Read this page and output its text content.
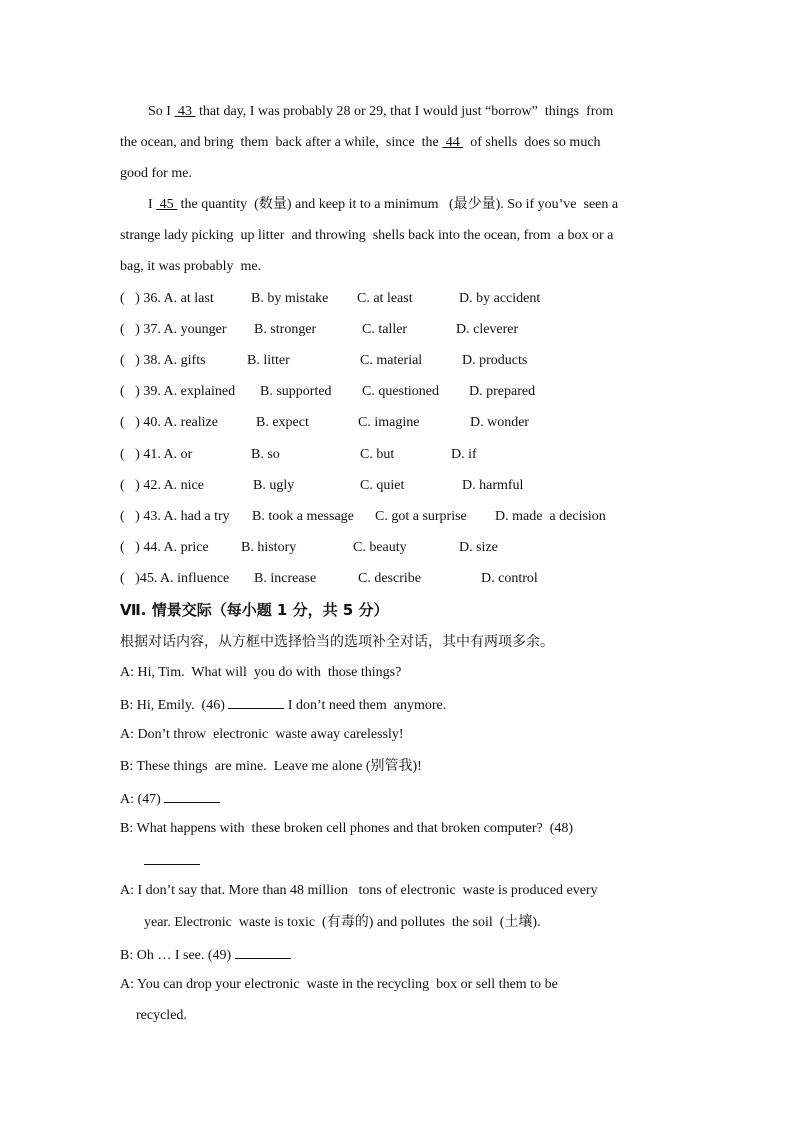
So I  43  that day, I was probably 28 or 29, that I would just “borrow”  things  from
the ocean, and bring  them  back after a while,  since  the  44   of shells  does so much
good for me.
I  45  the quantity  (数量) and keep it to a minimum   (最少量). So if you’ve  seen a
strange lady picking  up litter  and throwing  shells back into the ocean, from  a box or a
bag, it was probably  me.
(   ) 36. A. at last	B. by mistake C. at least	D. by accident
(   ) 37. A. younger B. stronger	C. taller	D. cleverer
(   ) 38. A. gifts	B. litter	C. material	D. products
(   ) 39. A. explained B. supported C. questioned D. prepared
(   ) 40. A. realize	B. expect	C. imagine	D. wonder
(   ) 41. A. or	B. so	C. but	D. if
(   ) 42. A. nice	B. ugly	C. quiet	D. harmful
(   ) 43. A. had a try B. took a message C. got a surprise D. made  a decision
(   ) 44. A. price B. history	C. beauty	D. size
(   )45. A. influence B. increase	C. describe	D. control
Ⅶ. 情景交际（每小题 1 分，共 5 分）
根据对话内容，从方框中选择恰当的选项补全对话，其中有两项多余。
A: Hi, Tim.  What will  you do with  those things?
B: Hi, Emily.  (46)	I don’t need them  anymore.
A: Don’t throw  electronic  waste away carelessly!
B: These things  are mine.  Leave me alone (别管我)!
A: (47)
B: What happens with  these broken cell phones and that broken computer?  (48)
A: I don’t say that. More than 48 million   tons of electronic  waste is produced every
year. Electronic  waste is toxic  (有毒的) and pollutes  the soil  (土壤).
B: Oh … I see. (49)
A: You can drop your electronic  waste in the recycling  box or sell them to be
recycled.
